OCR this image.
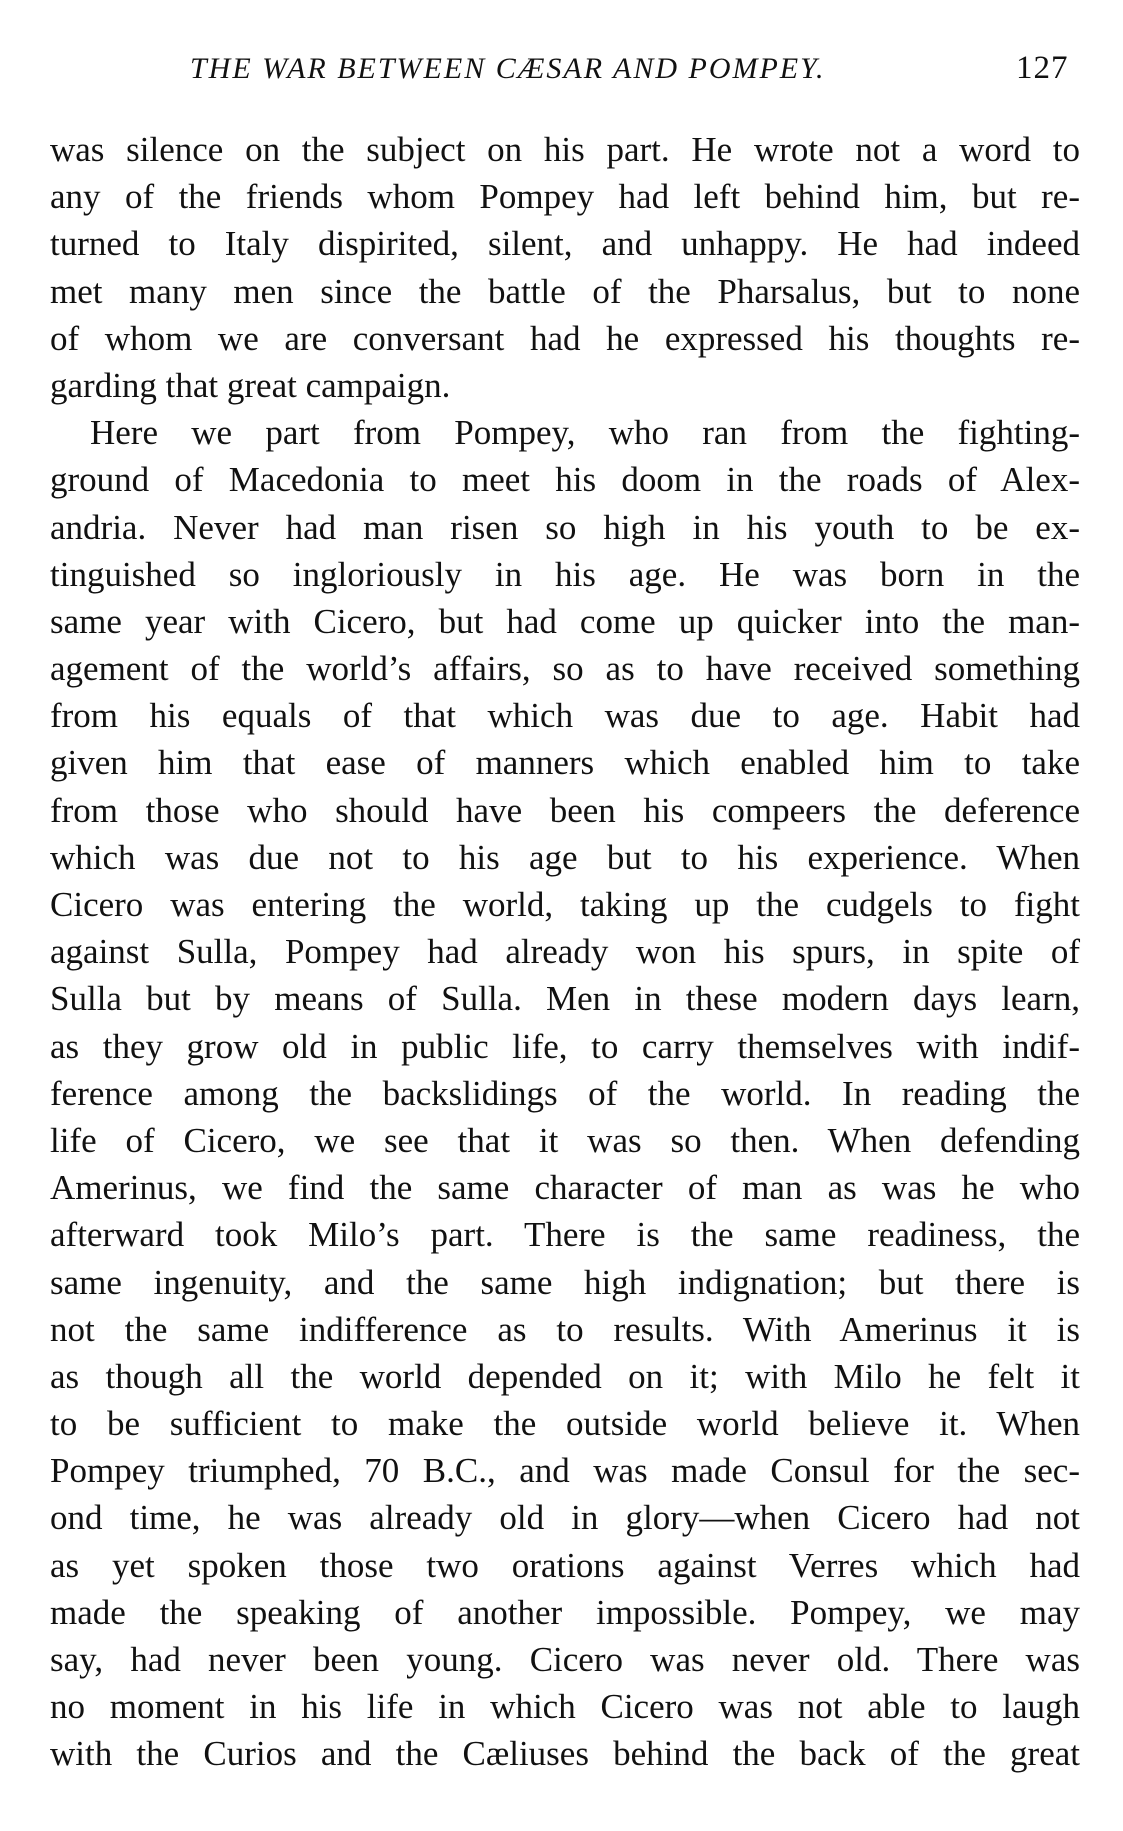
THE WAR BETWEEN CÆSAR AND POMPEY.	127
was silence on the subject on his part. He wrote not a word to
any of the friends whom Pompey had left behind him, but re-
turned to Italy dispirited, silent, and unhappy. He had indeed
met many men since the battle of the Pharsalus, but to none
of whom we are conversant had he expressed his thoughts re-
garding that great campaign.
Here we part from Pompey, who ran from the fighting-
ground of Macedonia to meet his doom in the roads of Alex-
andria. Never had man risen so high in his youth to be ex-
tinguished so ingloriously in his age. He was born in the
same year with Cicero, but had come up quicker into the man-
agement of the world’s affairs, so as to have received something
from his equals of that which was due to age. Habit had
given him that ease of manners which enabled him to take
from those who should have been his compeers the deference
which was due not to his age but to his experience. When
Cicero was entering the world, taking up the cudgels to fight
against Sulla, Pompey had already won his spurs, in spite of
Sulla but by means of Sulla. Men in these modern days learn,
as they grow old in public life, to carry themselves with indif-
ference among the backslidings of the world. In reading the
life of Cicero, we see that it was so then. When defending
Amerinus, we find the same character of man as was he who
afterward took Milo’s part. There is the same readiness, the
same ingenuity, and the same high indignation; but there is
not the same indifference as to results. With Amerinus it is
as though all the world depended on it; with Milo he felt it
to be sufficient to make the outside world believe it. When
Pompey triumphed, 70 B.C., and was made Consul for the sec-
ond time, he was already old in glory—when Cicero had not
as yet spoken those two orations against Verres which had
made the speaking of another impossible. Pompey, we may
say, had never been young. Cicero was never old. There was
no moment in his life in which Cicero was not able to laugh
with the Curios and the Cæliuses behind the back of the great
